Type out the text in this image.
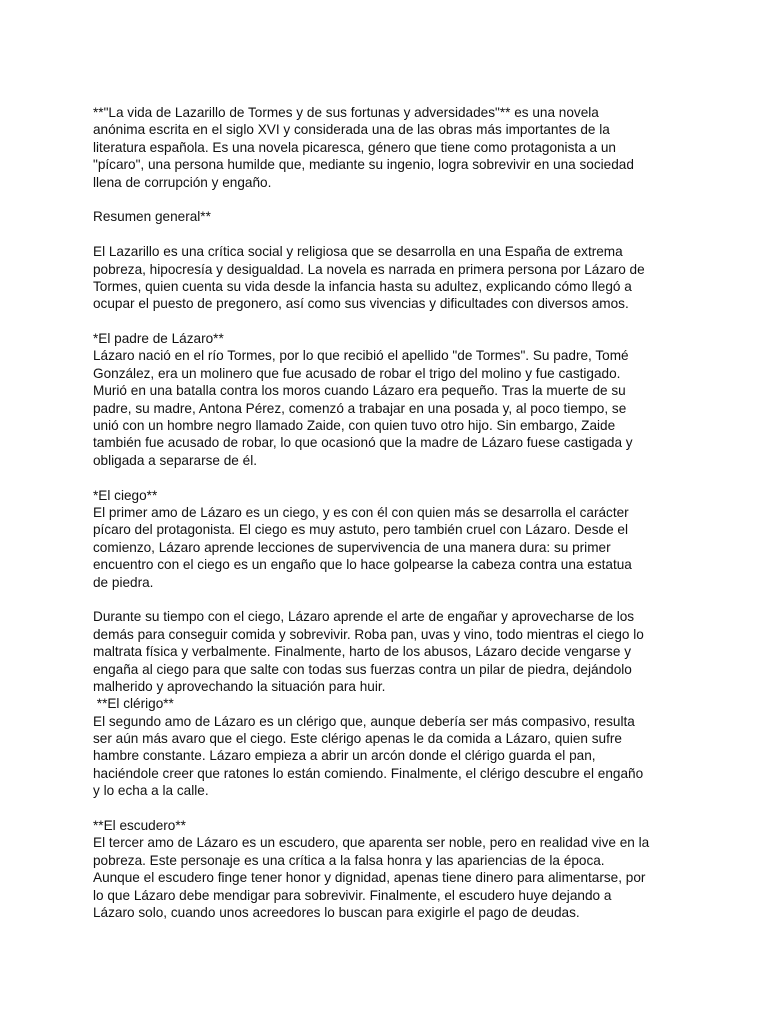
**"La vida de Lazarillo de Tormes y de sus fortunas y adversidades"** es una novela
anónima escrita en el siglo XVI y considerada una de las obras más importantes de la
literatura española. Es una novela picaresca, género que tiene como protagonista a un
"pícaro", una persona humilde que, mediante su ingenio, logra sobrevivir en una sociedad
llena de corrupción y engaño.
Resumen general**
El Lazarillo es una crítica social y religiosa que se desarrolla en una España de extrema
pobreza, hipocresía y desigualdad. La novela es narrada en primera persona por Lázaro de
Tormes, quien cuenta su vida desde la infancia hasta su adultez, explicando cómo llegó a
ocupar el puesto de pregonero, así como sus vivencias y dificultades con diversos amos.
*El padre de Lázaro**
Lázaro nació en el río Tormes, por lo que recibió el apellido "de Tormes". Su padre, Tomé
González, era un molinero que fue acusado de robar el trigo del molino y fue castigado.
Murió en una batalla contra los moros cuando Lázaro era pequeño. Tras la muerte de su
padre, su madre, Antona Pérez, comenzó a trabajar en una posada y, al poco tiempo, se
unió con un hombre negro llamado Zaide, con quien tuvo otro hijo. Sin embargo, Zaide
también fue acusado de robar, lo que ocasionó que la madre de Lázaro fuese castigada y
obligada a separarse de él.
*El ciego**
El primer amo de Lázaro es un ciego, y es con él con quien más se desarrolla el carácter
pícaro del protagonista. El ciego es muy astuto, pero también cruel con Lázaro. Desde el
comienzo, Lázaro aprende lecciones de supervivencia de una manera dura: su primer
encuentro con el ciego es un engaño que lo hace golpearse la cabeza contra una estatua
de piedra.
Durante su tiempo con el ciego, Lázaro aprende el arte de engañar y aprovecharse de los
demás para conseguir comida y sobrevivir. Roba pan, uvas y vino, todo mientras el ciego lo
maltrata física y verbalmente. Finalmente, harto de los abusos, Lázaro decide vengarse y
engaña al ciego para que salte con todas sus fuerzas contra un pilar de piedra, dejándolo
malherido y aprovechando la situación para huir.
**El clérigo**
El segundo amo de Lázaro es un clérigo que, aunque debería ser más compasivo, resulta
ser aún más avaro que el ciego. Este clérigo apenas le da comida a Lázaro, quien sufre
hambre constante. Lázaro empieza a abrir un arcón donde el clérigo guarda el pan,
haciéndole creer que ratones lo están comiendo. Finalmente, el clérigo descubre el engaño
y lo echa a la calle.
**El escudero**
El tercer amo de Lázaro es un escudero, que aparenta ser noble, pero en realidad vive en la
pobreza. Este personaje es una crítica a la falsa honra y las apariencias de la época.
Aunque el escudero finge tener honor y dignidad, apenas tiene dinero para alimentarse, por
lo que Lázaro debe mendigar para sobrevivir. Finalmente, el escudero huye dejando a
Lázaro solo, cuando unos acreedores lo buscan para exigirle el pago de deudas.
